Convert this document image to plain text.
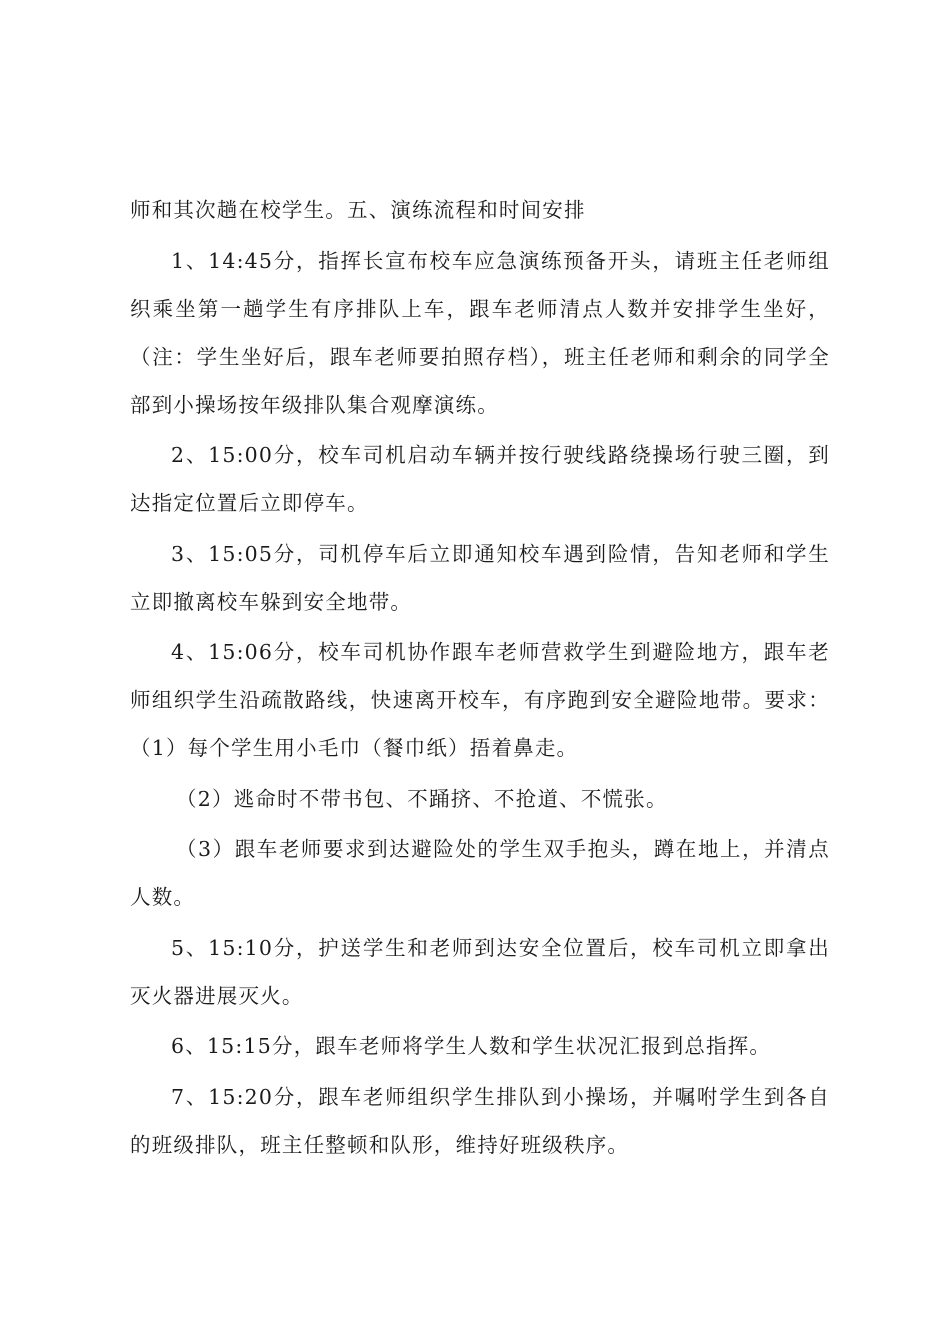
师和其次趟在校学生。五、演练流程和时间安排

1、14:45分，指挥长宣布校车应急演练预备开头，请班主任老师组织乘坐第一趟学生有序排队上车，跟车老师清点人数并安排学生坐好，（注：学生坐好后，跟车老师要拍照存档），班主任老师和剩余的同学全部到小操场按年级排队集合观摩演练。

2、15:00分，校车司机启动车辆并按行驶线路绕操场行驶三圈，到达指定位置后立即停车。

3、15:05分，司机停车后立即通知校车遇到险情，告知老师和学生立即撤离校车躲到安全地带。

4、15:06分，校车司机协作跟车老师营救学生到避险地方，跟车老师组织学生沿疏散路线，快速离开校车，有序跑到安全避险地带。要求：（1）每个学生用小毛巾（餐巾纸）捂着鼻走。

（2）逃命时不带书包、不踊挤、不抢道、不慌张。

（3）跟车老师要求到达避险处的学生双手抱头，蹲在地上，并清点人数。

5、15:10分，护送学生和老师到达安全位置后，校车司机立即拿出灭火器进展灭火。

6、15:15分，跟车老师将学生人数和学生状况汇报到总指挥。

7、15:20分，跟车老师组织学生排队到小操场，并嘱咐学生到各自的班级排队，班主任整顿和队形，维持好班级秩序。
